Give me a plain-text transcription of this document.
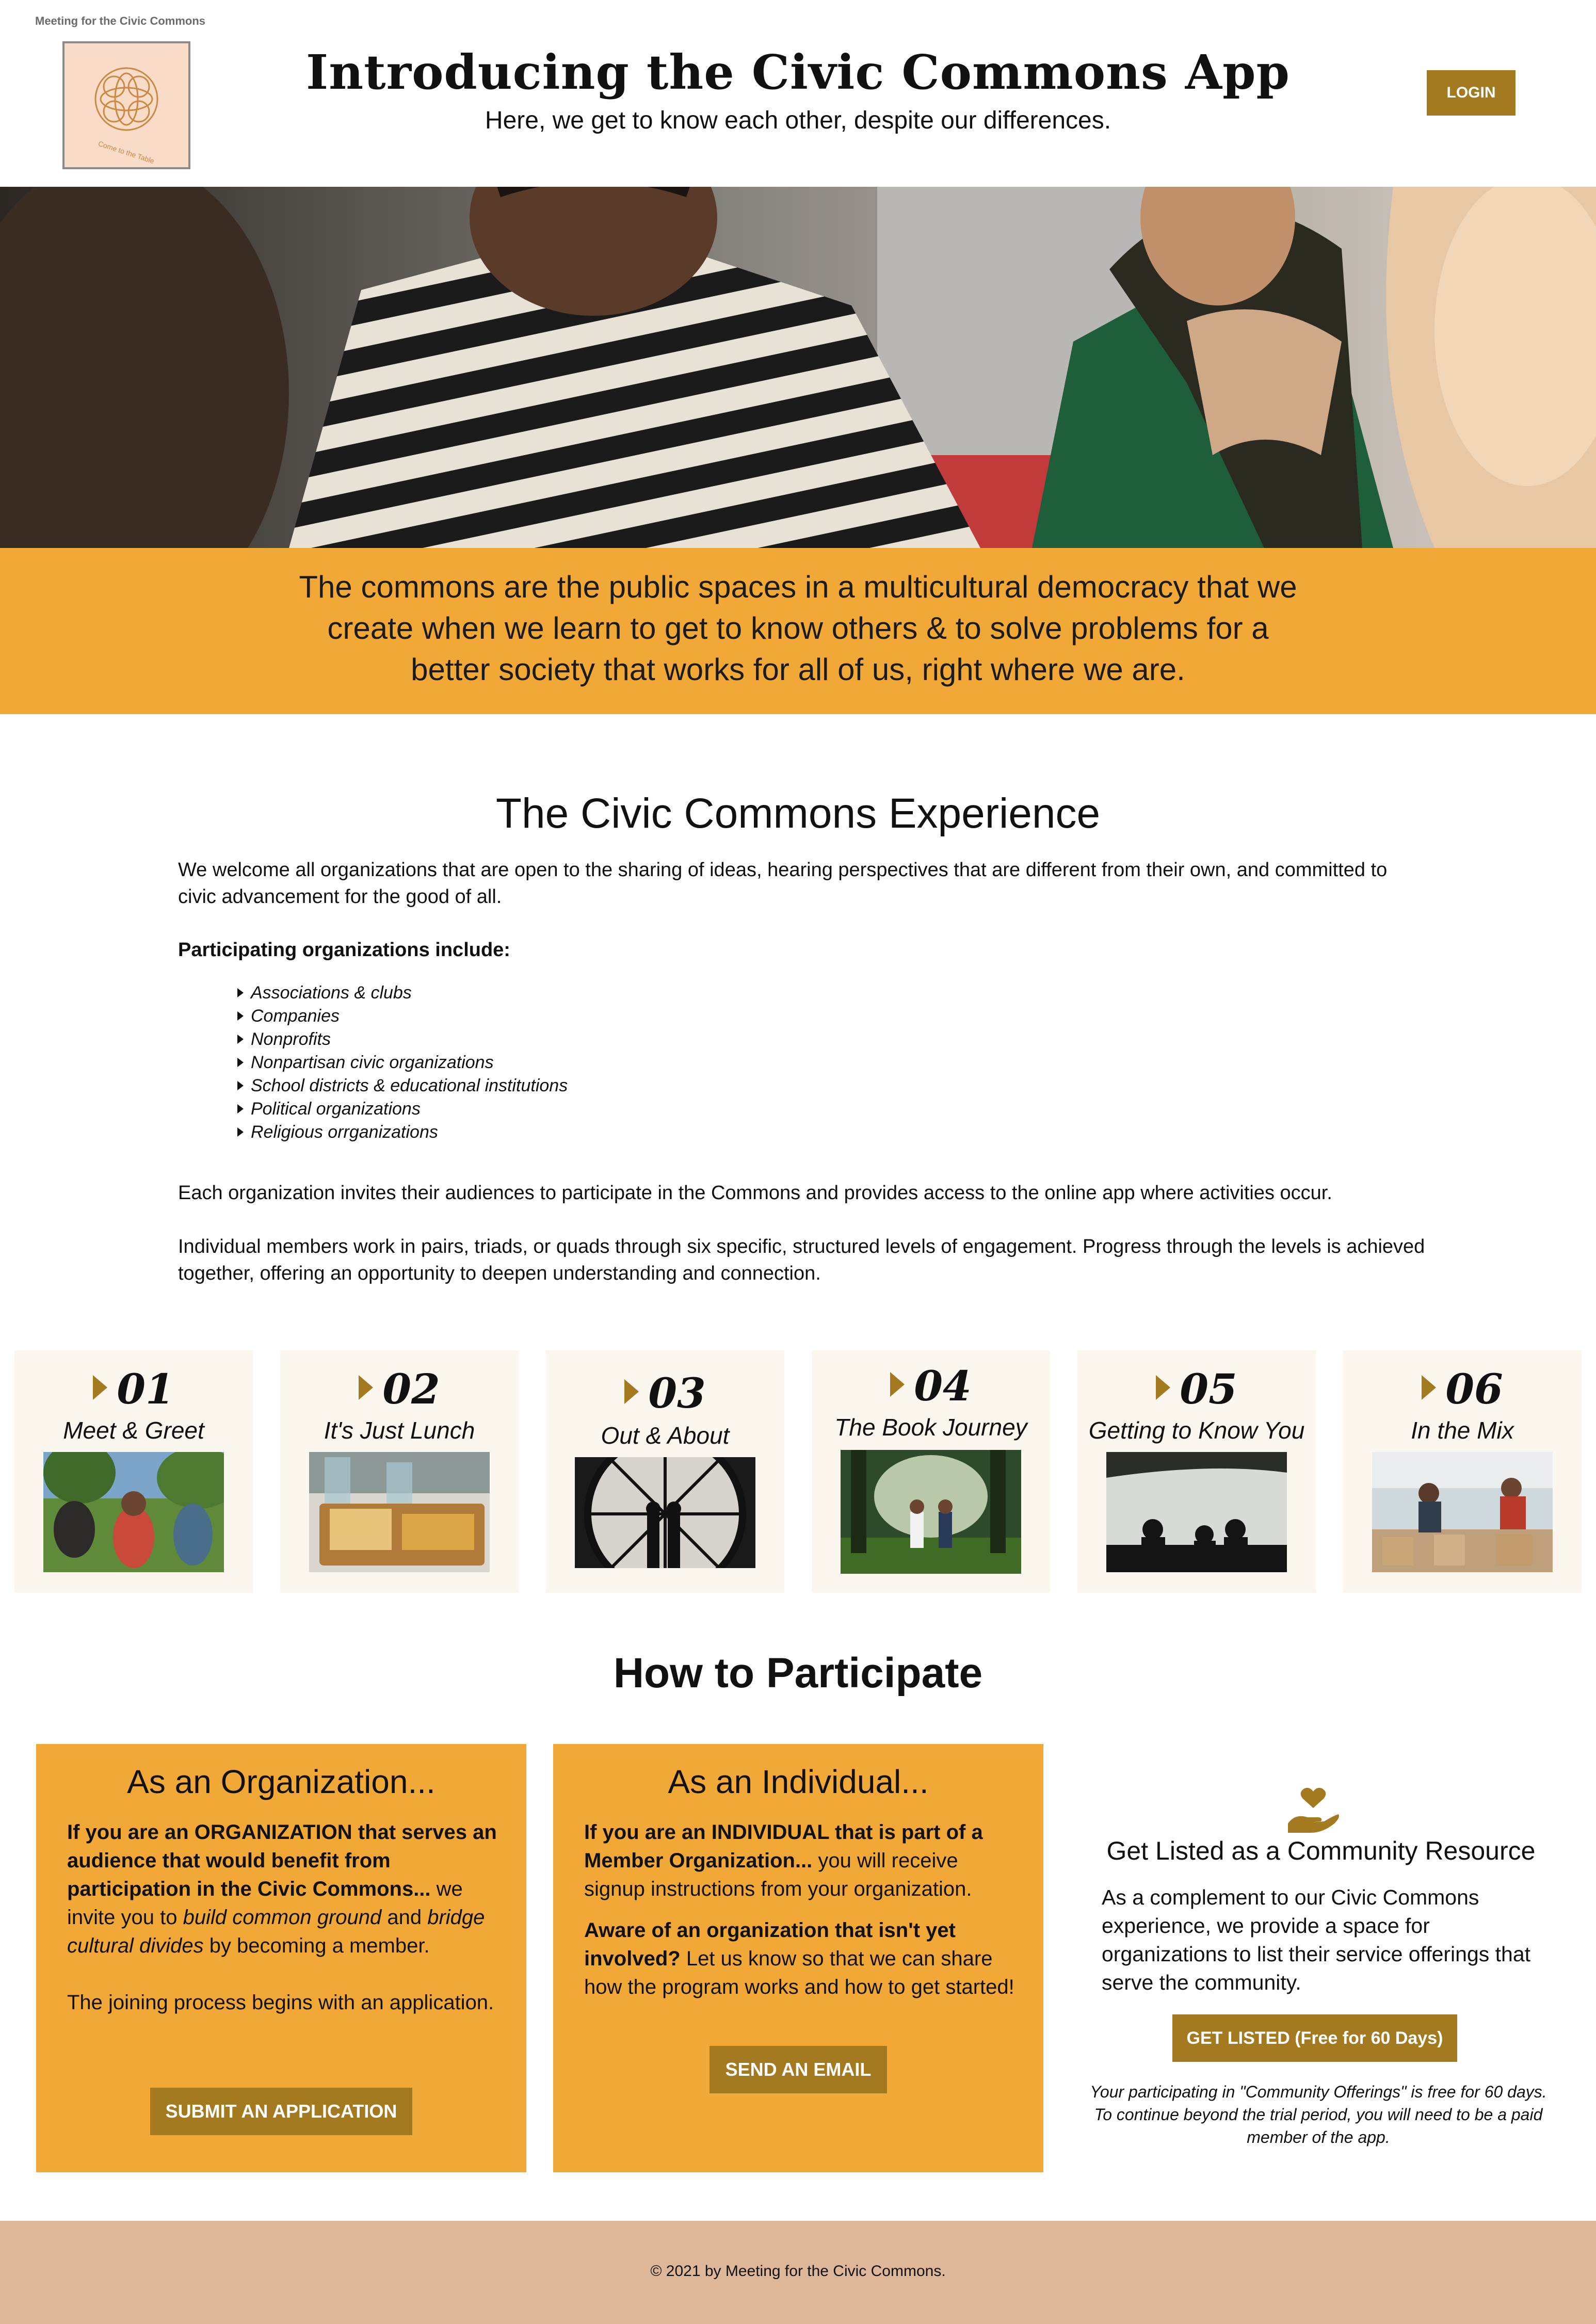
Meeting for the Civic Commons
Come to the Table
Introducing the Civic Commons App
Here, we get to know each other, despite our differences.
LOGIN
The commons are the public spaces in a multicultural democracy that we
create when we learn to get to know others & to solve problems for a
better society that works for all of us, right where we are.
The Civic Commons Experience

We welcome all organizations that are open to the sharing of ideas, hearing perspectives that are different from their own, and committed to civic advancement for the good of all.

Participating organizations include:
Associations & clubs
Companies
Nonprofits
Nonpartisan civic organizations
School districts & educational institutions
Political organizations
Religious orrganizations

Each organization invites their audiences to participate in the Commons and provides access to the online app where activities occur.

Individual members work in pairs, triads, or quads through six specific, structured levels of engagement. Progress through the levels is achieved together, offering an opportunity to deepen understanding and connection.

01
Meet & Greet
02
It's Just Lunch
03
Out & About
04
The Book Journey
05
Getting to Know You
06
In the Mix
How to Participate
As an Organization...

If you are an ORGANIZATION that serves an audience that would benefit from participation in the Civic Commons... we invite you to build common ground and bridge cultural divides by becoming a member.

The joining process begins with an application.

SUBMIT AN APPLICATION
As an Individual...

If you are an INDIVIDUAL that is part of a Member Organization... you will receive signup instructions from your organization.

Aware of an organization that isn't yet involved? Let us know so that we can share how the program works and how to get started!

SEND AN EMAIL
Get Listed as a Community Resource

As a complement to our Civic Commons experience, we provide a space for organizations to list their service offerings that serve the community.

GET LISTED (Free for 60 Days)

Your participating in "Community Offerings" is free for 60 days. To continue beyond the trial period, you will need to be a paid member of the app.

© 2021 by Meeting for the Civic Commons.
